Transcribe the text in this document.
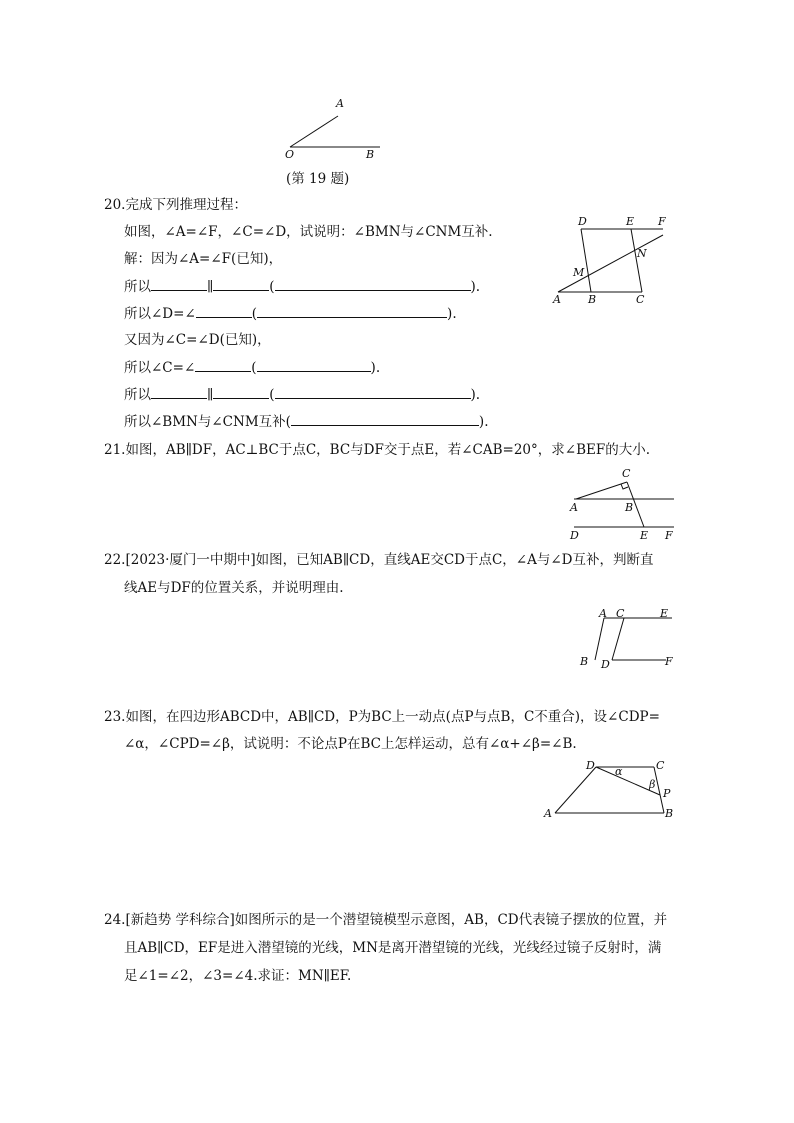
A
O	B
(第 19 题)
20.完成下列推理过程：
如图，∠A=∠F，∠C=∠D，试说明：∠BMN与∠CNM互补.
解：因为∠A=∠F(已知)，
所以	∥	(	).
所以∠D=∠	(	).
又因为∠C=∠D(已知)，
所以∠C=∠	(	).
所以	∥	(	).
所以∠BMN与∠CNM互补(	).
D	E F
N
M
A B	C
21.如图，AB∥DF，AC⊥BC于点C，BC与DF交于点E，若∠CAB=20°，求∠BEF的大小.
C
A	B
D	E F
22.[2023·厦门一中期中]如图，已知AB∥CD，直线AE交CD于点C，∠A与∠D互补，判断直
线AE与DF的位置关系，并说明理由.
A C	E
B D	F
23.如图，在四边形ABCD中，AB∥CD，P为BC上一动点(点P与点B，C不重合)，设∠CDP=
∠α，∠CPD=∠β，试说明：不论点P在BC上怎样运动，总有∠α+∠β=∠B.
D α	C
β
P
A	B
24.[新趋势 学科综合]如图所示的是一个潜望镜模型示意图，AB，CD代表镜子摆放的位置，并
且AB∥CD，EF是进入潜望镜的光线，MN是离开潜望镜的光线，光线经过镜子反射时，满
足∠1=∠2，∠3=∠4.求证：MN∥EF.
